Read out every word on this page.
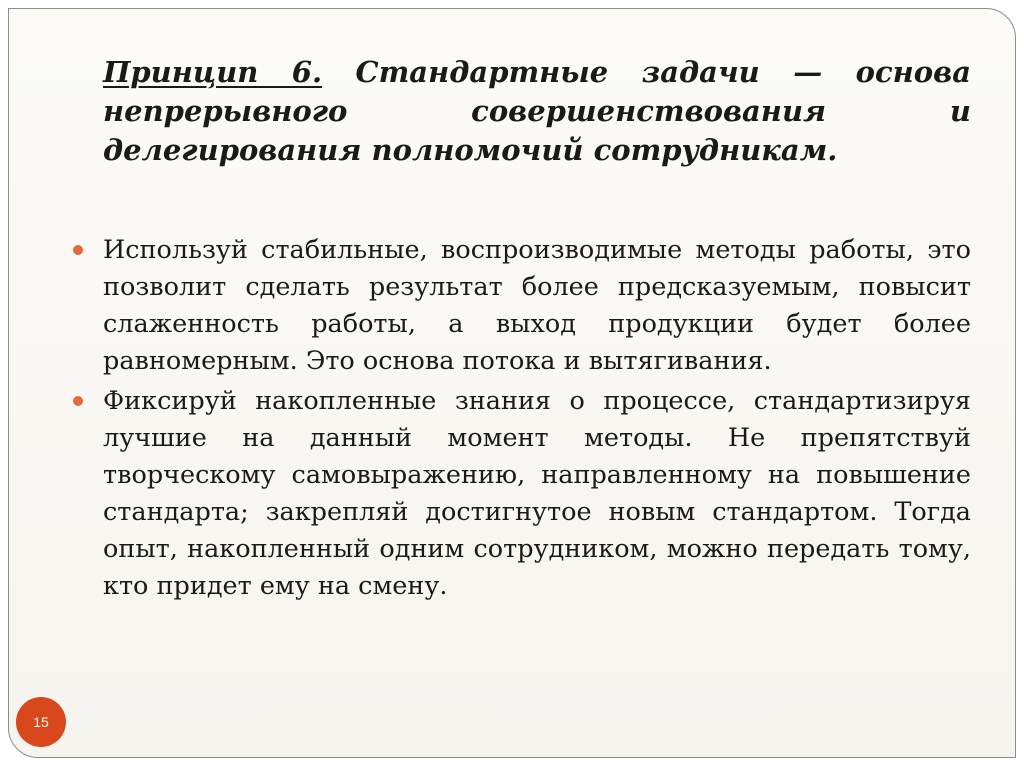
Принцип 6. Стандартные задачи — основа непрерывного совершенствования и делегирования полномочий сотрудникам.

Используй стабильные, воспроизводимые методы работы, это позволит сделать результат более предсказуемым, повысит слаженность работы, а выход продукции будет более равномерным. Это основа потока и вытягивания.
Фиксируй накопленные знания о процессе, стандартизируя лучшие на данный момент методы. Не препятствуй творческому самовыражению, направленному на повышение стандарта; закрепляй достигнутое новым стандартом. Тогда опыт, накопленный одним сотрудником, можно передать тому, кто придет ему на смену.
15
